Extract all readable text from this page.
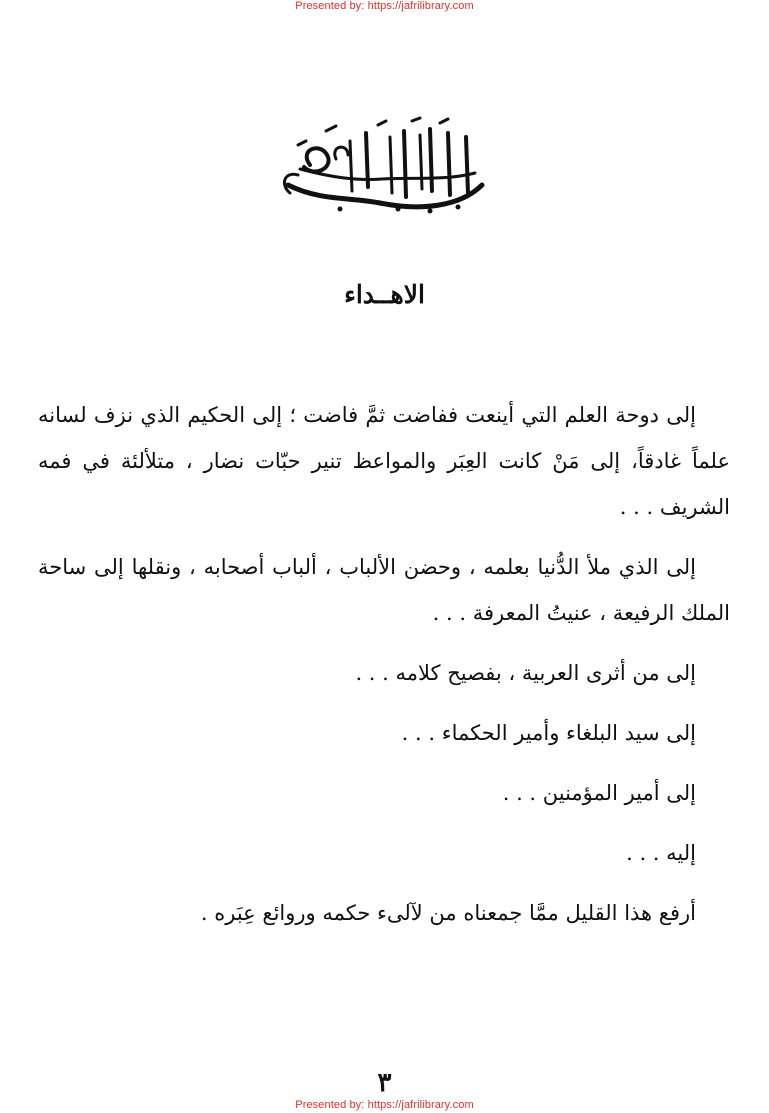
Presented by: https://jafrilibrary.com
الاهــداء

إلى دوحة العلم التي أينعت ففاضت ثمَّ فاضت ؛ إلى الحكيم الذي نزف لسانه علماً غادقاً، إلى مَنْ كانت العِبَر والمواعظ تنير حبّات نضار ، متلألئة في فمه الشريف . . .

إلى الذي ملأ الدُّنيا بعلمه ، وحضن الألباب ، ألباب أصحابه ، ونقلها إلى ساحة الملك الرفيعة ، عنيتُ المعرفة . . .

إلى من أثرى العربية ، بفصيح كلامه . . .

إلى سيد البلغاء وأمير الحكماء . . .

إلى أمير المؤمنين . . .

إليه . . .

أرفع هذا القليل ممَّا جمعناه من لآلىء حكمه وروائع عِبَره .

٣
Presented by: https://jafrilibrary.com
